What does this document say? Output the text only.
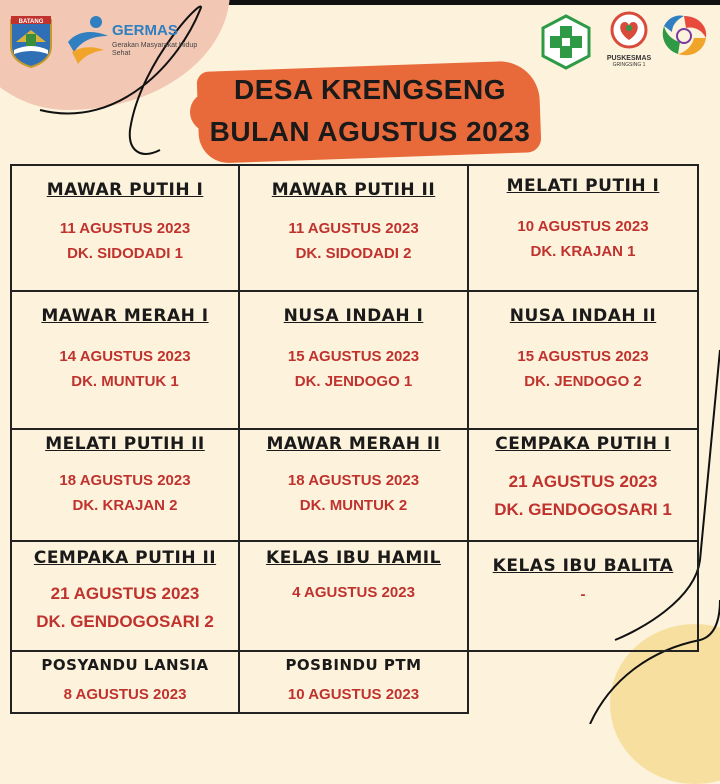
BATANG	GERMAS
Gerakan Masyarakat Hidup Sehat
PUSKESMAS
GRINGSING 1
DESA KRENGSENG
BULAN AGUSTUS 2023
MAWAR PUTIH I
11 AGUSTUS 2023
DK. SIDODADI 1	MAWAR PUTIH II
11 AGUSTUS 2023
DK. SIDODADI 2	MELATI PUTIH I
10 AGUSTUS 2023
DK. KRAJAN 1

MAWAR MERAH I
14 AGUSTUS 2023
DK. MUNTUK 1	NUSA INDAH I
15 AGUSTUS 2023
DK. JENDOGO 1	NUSA INDAH II
15 AGUSTUS 2023
DK. JENDOGO 2

MELATI PUTIH II
18 AGUSTUS 2023
DK. KRAJAN 2	MAWAR MERAH II
18 AGUSTUS 2023
DK. MUNTUK 2	CEMPAKA PUTIH I
21 AGUSTUS 2023
DK. GENDOGOSARI 1

CEMPAKA PUTIH II
21 AGUSTUS 2023
DK. GENDOGOSARI 2	KELAS IBU HAMIL
4 AGUSTUS 2023	KELAS IBU BALITA
-

POSYANDU LANSIA
8 AGUSTUS 2023	POSBINDU PTM
10 AGUSTUS 2023	
